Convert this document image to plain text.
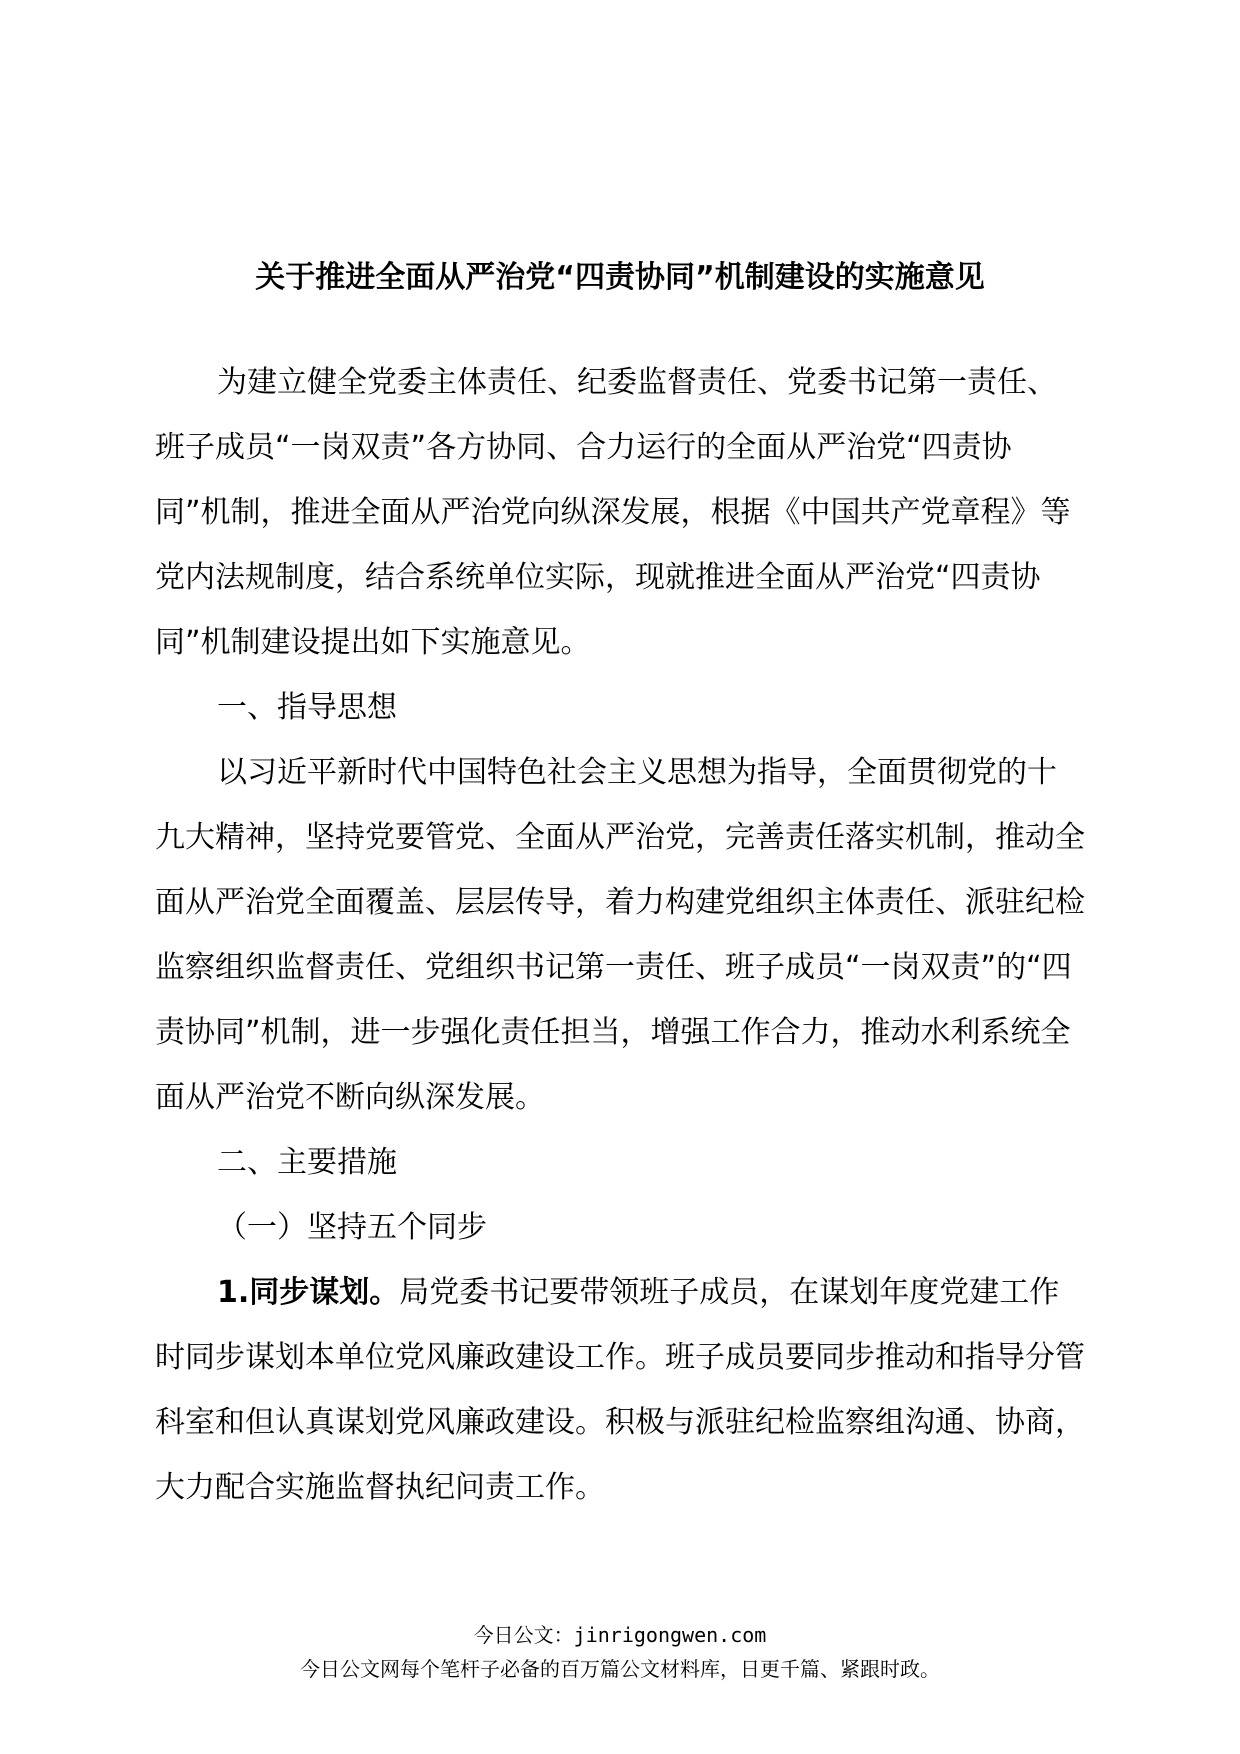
关于推进全面从严治党“四责协同”机制建设的实施意见

为建立健全党委主体责任、纪委监督责任、党委书记第一责任、班子成员“一岗双责”各方协同、合力运行的全面从严治党“四责协同”机制，推进全面从严治党向纵深发展，根据《中国共产党章程》等党内法规制度，结合系统单位实际，现就推进全面从严治党“四责协同”机制建设提出如下实施意见。

一、指导思想

以习近平新时代中国特色社会主义思想为指导，全面贯彻党的十九大精神，坚持党要管党、全面从严治党，完善责任落实机制，推动全面从严治党全面覆盖、层层传导，着力构建党组织主体责任、派驻纪检监察组织监督责任、党组织书记第一责任、班子成员“一岗双责”的“四责协同”机制，进一步强化责任担当，增强工作合力，推动水利系统全面从严治党不断向纵深发展。

二、主要措施

（一）坚持五个同步

1.同步谋划。局党委书记要带领班子成员，在谋划年度党建工作时同步谋划本单位党风廉政建设工作。班子成员要同步推动和指导分管科室和但认真谋划党风廉政建设。积极与派驻纪检监察组沟通、协商，大力配合实施监督执纪问责工作。

今日公文：jinrigongwen.com
今日公文网每个笔杆子必备的百万篇公文材料库，日更千篇、紧跟时政。
